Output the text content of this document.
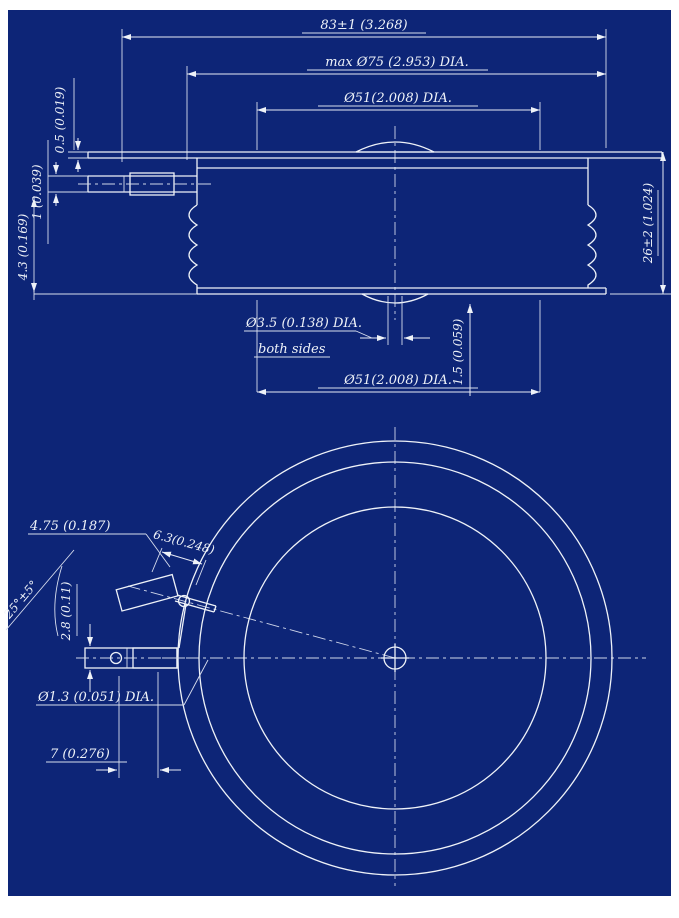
83±1 (3.268)
max Ø75 (2.953) DIA.
Ø51(2.008) DIA.
0.5 (0.019)
1 (0.039)
4.3 (0.169)	26±2 (1.024)
Ø3.5 (0.138) DIA.
both sides	1.5 (0.059)
Ø51(2.008) DIA.
4.75 (0.187)
6.3(0.248)
25°±5° 2.8 (0.11)
Ø1.3 (0.051) DIA.
7 (0.276)
